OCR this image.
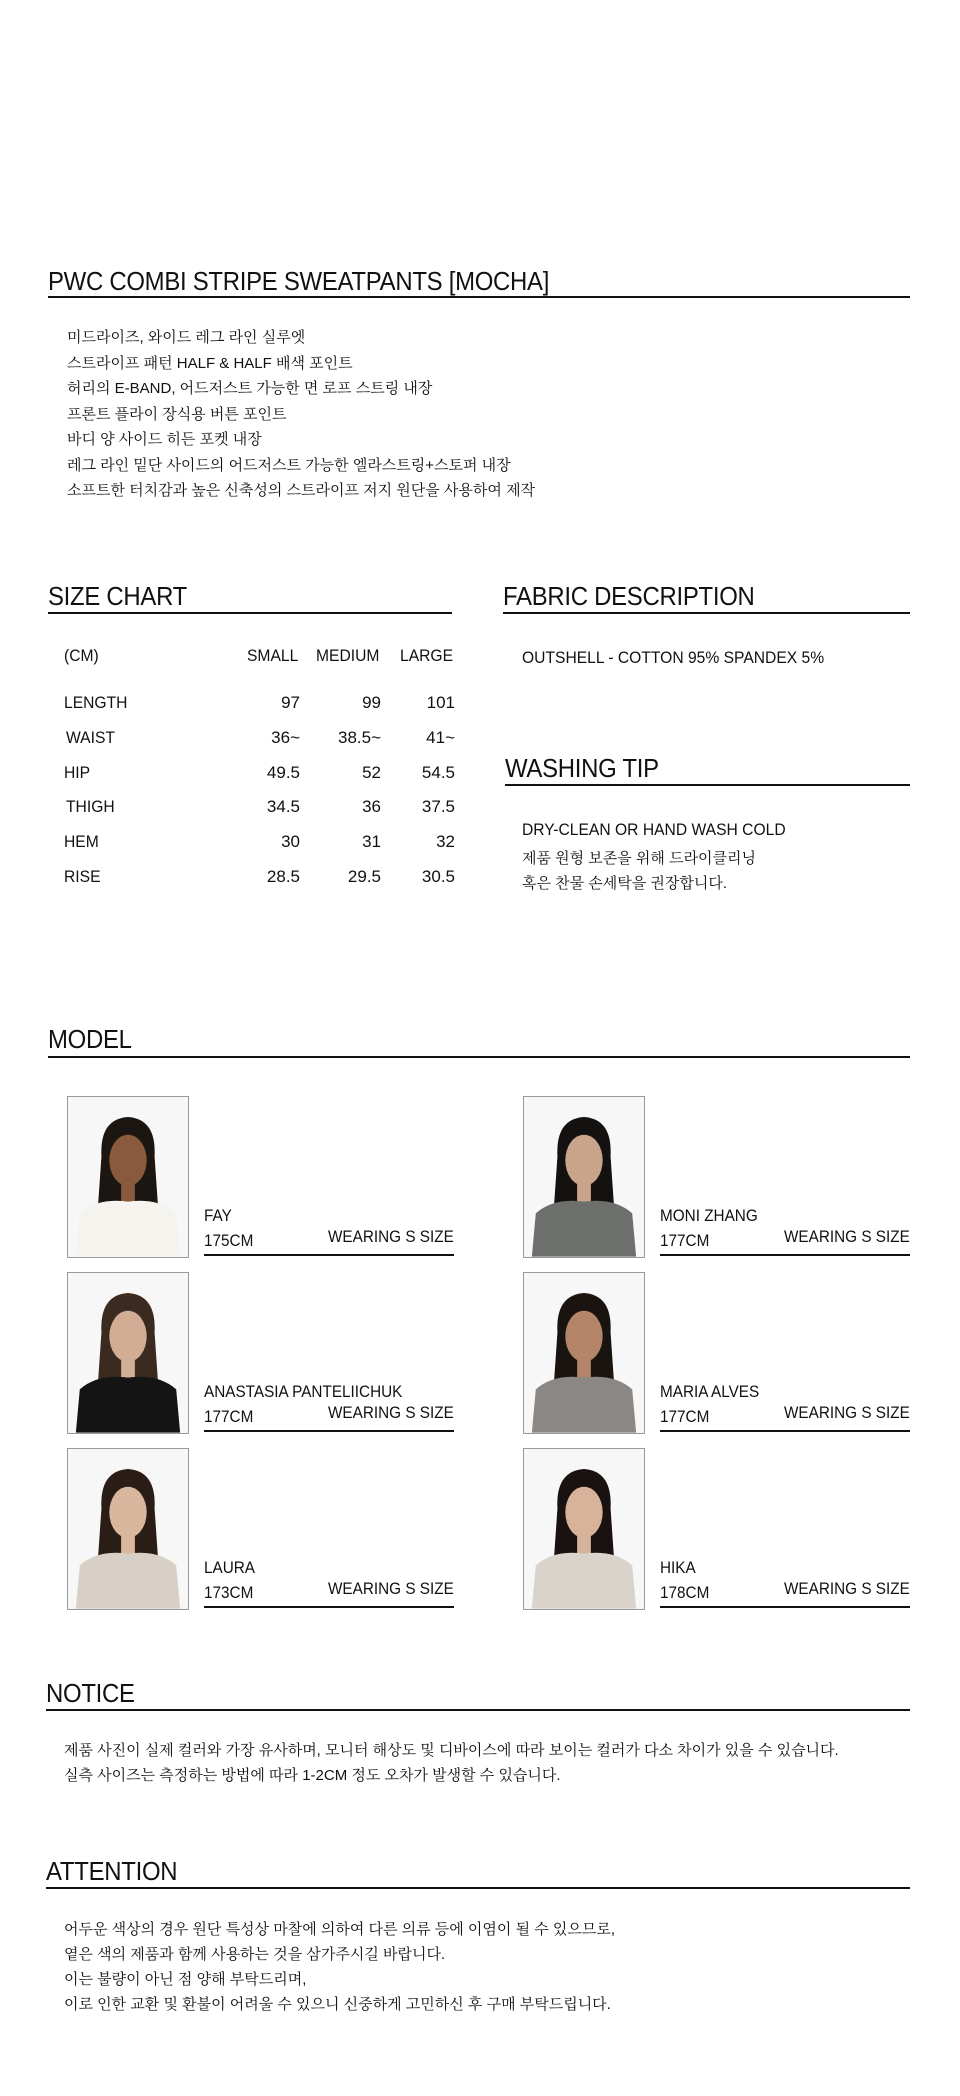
PWC COMBI STRIPE SWEATPANTS [MOCHA]
미드라이즈, 와이드 레그 라인 실루엣
스트라이프 패턴 HALF & HALF 배색 포인트
허리의 E-BAND, 어드저스트 가능한 면 로프 스트링 내장
프론트 플라이 장식용 버튼 포인트
바디 양 사이드 히든 포켓 내장
레그 라인 밑단 사이드의 어드저스트 가능한 엘라스트링+스토퍼 내장
소프트한 터치감과 높은 신축성의 스트라이프 저지 원단을 사용하여 제작
SIZE CHART
(CM)	SMALL MEDIUM LARGE
LENGTH	97	99	101
WAIST	36~	38.5~	41~
HIP	49.5	52	54.5
THIGH	34.5	36	37.5
HEM	30	31	32
RISE	28.5	29.5	30.5
FABRIC DESCRIPTION
OUTSHELL - COTTON 95% SPANDEX 5%
WASHING TIP
DRY-CLEAN OR HAND WASH COLD
제품 원형 보존을 위해 드라이클리닝
혹은 찬물 손세탁을 권장합니다.
MODEL
FAY
175CM	WEARING S SIZE
MONI ZHANG
177CM	WEARING S SIZE
ANASTASIA PANTELIICHUK
177CM	WEARING S SIZE
MARIA ALVES
177CM	WEARING S SIZE
LAURA
173CM	WEARING S SIZE
HIKA
178CM	WEARING S SIZE
NOTICE
제품 사진이 실제 컬러와 가장 유사하며, 모니터 해상도 및 디바이스에 따라 보이는 컬러가 다소 차이가 있을 수 있습니다.
실측 사이즈는 측정하는 방법에 따라 1-2CM 정도 오차가 발생할 수 있습니다.
ATTENTION
어두운 색상의 경우 원단 특성상 마찰에 의하여 다른 의류 등에 이염이 될 수 있으므로,
옅은 색의 제품과 함께 사용하는 것을 삼가주시길 바랍니다.
이는 불량이 아닌 점 양해 부탁드리며,
이로 인한 교환 및 환불이 어려울 수 있으니 신중하게 고민하신 후 구매 부탁드립니다.
